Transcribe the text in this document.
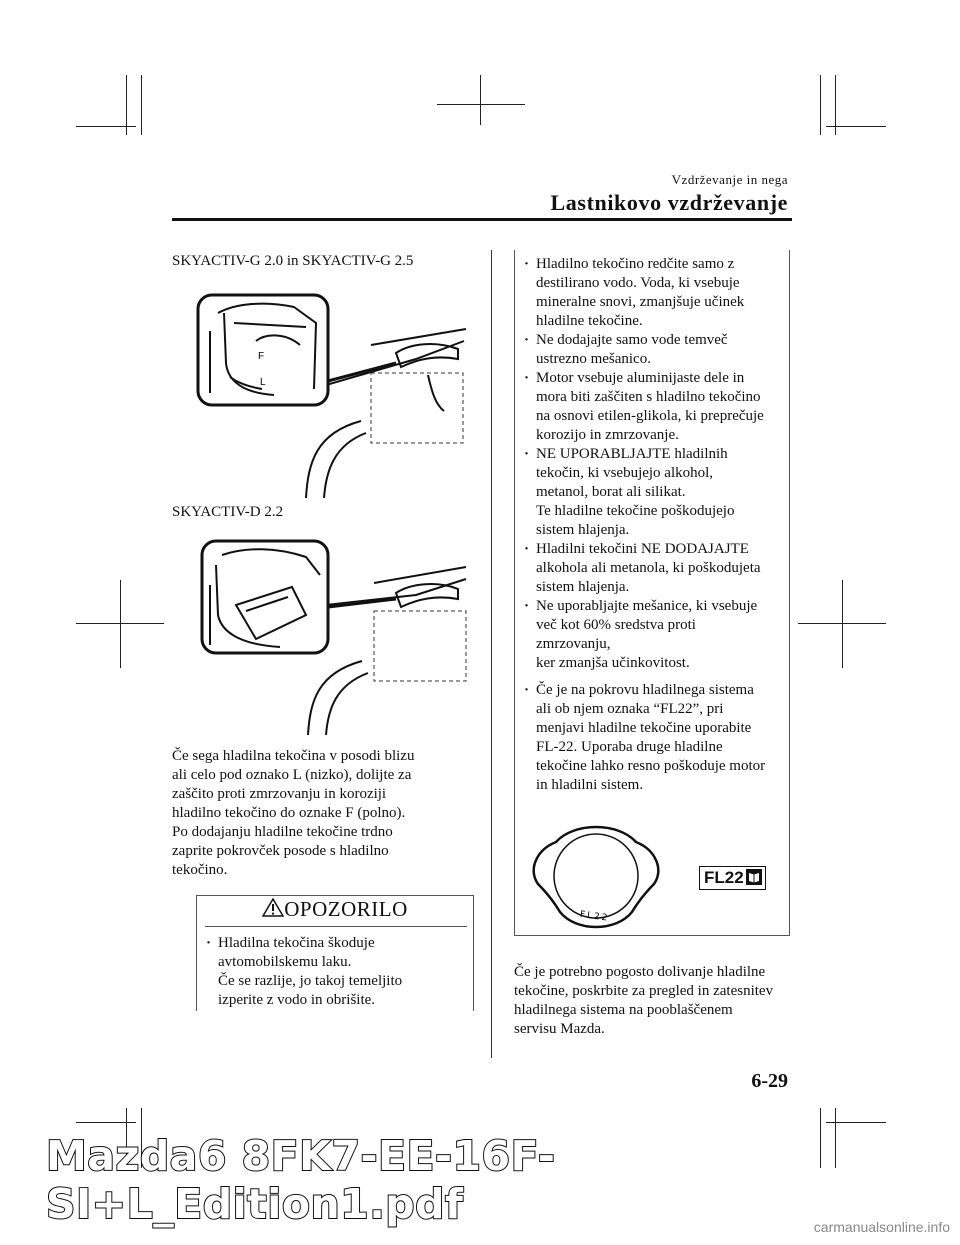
Vzdrževanje in nega
Lastnikovo vzdrževanje
SKYACTIV-G 2.0 in SKYACTIV-G 2.5
F
L
SKYACTIV-D 2.2
Če sega hladilna tekočina v posodi blizu
ali celo pod oznako L (nizko), dolijte za
zaščito proti zmrzovanju in koroziji
hladilno tekočino do oznake F (polno).
Po dodajanju hladilne tekočine trdno
zaprite pokrovček posode s hladilno
tekočino.
OPOZORILO
· Hladilna tekočina škoduje
avtomobilskemu laku.
Če se razlije, jo takoj temeljito
izperite z vodo in obrišite.
· Hladilno tekočino redčite samo z
destilirano vodo. Voda, ki vsebuje
mineralne snovi, zmanjšuje učinek
hladilne tekočine.
· Ne dodajajte samo vode temveč
ustrezno mešanico.
· Motor vsebuje aluminijaste dele in
mora biti zaščiten s hladilno tekočino
na osnovi etilen-glikola, ki preprečuje
korozijo in zmrzovanje.
· NE UPORABLJAJTE hladilnih
tekočin, ki vsebujejo alkohol,
metanol, borat ali silikat.
Te hladilne tekočine poškodujejo
sistem hlajenja.
· Hladilni tekočini NE DODAJAJTE
alkohola ali metanola, ki poškodujeta
sistem hlajenja.
· Ne uporabljajte mešanice, ki vsebuje
več kot 60% sredstva proti
zmrzovanju,
ker zmanjša učinkovitost.
· Če je na pokrovu hladilnega sistema
ali ob njem oznaka “FL22”, pri
menjavi hladilne tekočine uporabite
FL-22. Uporaba druge hladilne
tekočine lahko resno poškoduje motor
in hladilni sistem.
FL22
FL22
Če je potrebno pogosto dolivanje hladilne
tekočine, poskrbite za pregled in zatesnitev
hladilnega sistema na pooblaščenem
servisu Mazda.
6-29
Mazda6 8FK7-EE-16F-SI+L_Edition1.pdf	carmanualsonline.info
